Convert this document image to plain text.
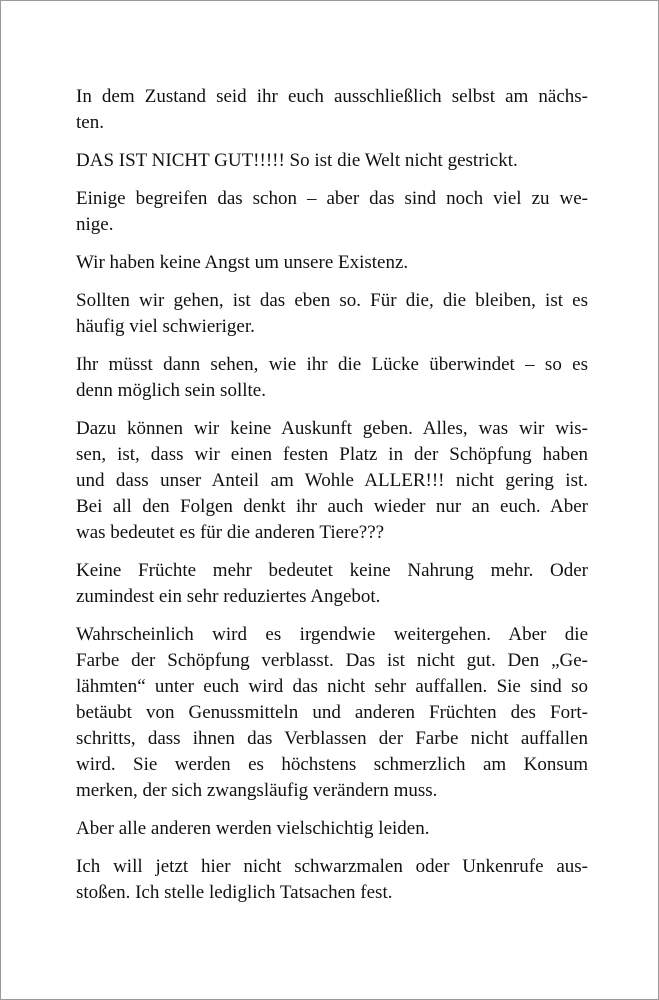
In dem Zustand seid ihr euch ausschließlich selbst am nächs-
ten.

DAS IST NICHT GUT!!!!! So ist die Welt nicht gestrickt.

Einige begreifen das schon – aber das sind noch viel zu we-
nige.

Wir haben keine Angst um unsere Existenz.

Sollten wir gehen, ist das eben so. Für die, die bleiben, ist es
häufig viel schwieriger.

Ihr müsst dann sehen, wie ihr die Lücke überwindet – so es
denn möglich sein sollte.

Dazu können wir keine Auskunft geben. Alles, was wir wis-
sen, ist, dass wir einen festen Platz in der Schöpfung haben
und dass unser Anteil am Wohle ALLER!!! nicht gering ist.
Bei all den Folgen denkt ihr auch wieder nur an euch. Aber
was bedeutet es für die anderen Tiere???

Keine Früchte mehr bedeutet keine Nahrung mehr. Oder
zumindest ein sehr reduziertes Angebot.

Wahrscheinlich wird es irgendwie weitergehen. Aber die
Farbe der Schöpfung verblasst. Das ist nicht gut. Den „Ge-
lähmten“ unter euch wird das nicht sehr auffallen. Sie sind so
betäubt von Genussmitteln und anderen Früchten des Fort-
schritts, dass ihnen das Verblassen der Farbe nicht auffallen
wird. Sie werden es höchstens schmerzlich am Konsum
merken, der sich zwangsläufig verändern muss.

Aber alle anderen werden vielschichtig leiden.

Ich will jetzt hier nicht schwarzmalen oder Unkenrufe aus-
stoßen. Ich stelle lediglich Tatsachen fest.
